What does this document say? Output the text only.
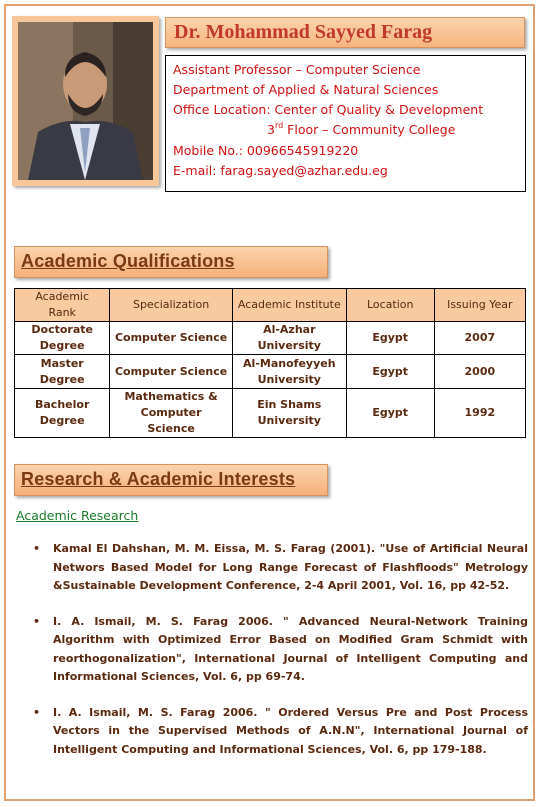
Dr. Mohammad Sayyed Farag
Assistant Professor – Computer Science
Department of Applied & Natural Sciences
Office Location: Center of Quality & Development
3rd Floor – Community College
Mobile No.: 00966545919220
E-mail: farag.sayed@azhar.edu.eg
Academic Qualifications
Academic Rank	Specialization	Academic Institute	Location	Issuing Year
Doctorate Degree	Computer Science	Al-Azhar University	Egypt	2007
Master Degree	Computer Science	Al-Manofeyyeh University	Egypt	2000
Bachelor Degree	Mathematics & Computer Science	Ein Shams University	Egypt	1992
Research & Academic Interests
Academic Research
• Kamal El Dahshan, M. M. Eissa, M. S. Farag (2001). "Use of Artificial Neural Networs Based Model for Long Range Forecast of Flashfloods" Metrology &Sustainable Development Conference, 2-4 April 2001, Vol. 16, pp 42-52.
• I. A. Ismail, M. S. Farag 2006. " Advanced Neural-Network Training Algorithm with Optimized Error Based on Modified Gram Schmidt with reorthogonalization", International Journal of Intelligent Computing and Informational Sciences, Vol. 6, pp 69-74.
• I. A. Ismail, M. S. Farag 2006. " Ordered Versus Pre and Post Process Vectors in the Supervised Methods of A.N.N", International Journal of Intelligent Computing and Informational Sciences, Vol. 6, pp 179-188.
